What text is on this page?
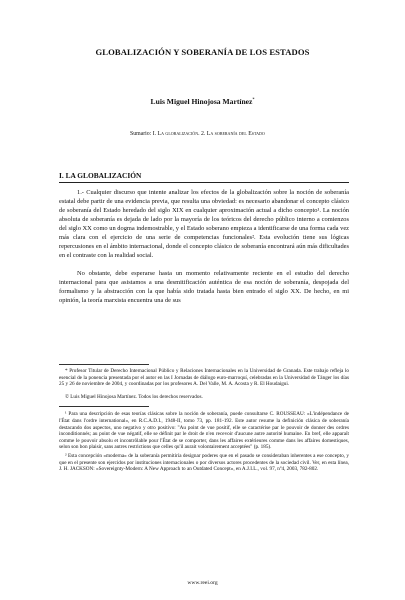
GLOBALIZACIÓN Y SOBERANÍA DE LOS ESTADOS
Luis Miguel Hinojosa Martínez*
Sumario: I. La globalización. 2. La soberanía del Estado
I. LA GLOBALIZACIÓN

1.- Cualquier discurso que intente analizar los efectos de la globalización sobre la noción de soberanía estatal debe partir de una evidencia previa, que resulta una obviedad: es necesario abandonar el concepto clásico de soberanía del Estado heredado del siglo XIX en cualquier aproximación actual a dicho concepto¹. La noción absoluta de soberanía es dejada de lado por la mayoría de los teóricos del derecho público interno a comienzos del siglo XX como un dogma indemostrable, y el Estado soberano empieza a identificarse de una forma cada vez más clara con el ejercicio de una serie de competencias funcionales². Esta evolución tiene sus lógicas repercusiones en el ámbito internacional, donde el concepto clásico de soberanía encontrará aún más dificultades en el contraste con la realidad social.

No obstante, debe esperarse hasta un momento relativamente reciente en el estudio del derecho internacional para que asistamos a una desmitificación auténtica de esa noción de soberanía, despojada del formalismo y la abstracción con la que había sido tratada hasta bien entrado el siglo XX. De hecho, en mi opinión, la teoría marxista encuentra una de sus

* Profesor Titular de Derecho Internacional Público y Relaciones Internacionales en la Universidad de Granada. Este trabajo refleja lo esencial de la ponencia presentada por el autor en las I Jornadas de diálogo euro-marroquí, celebradas en la Universidad de Tánger los días 25 y 26 de noviembre de 2004, y coordinadas por los profesores A. Del Valle, M. A. Acosta y R. El Houdaigui.

© Luis Miguel Hinojosa Martínez. Todos los derechos reservados.

¹ Para una descripción de esas teorías clásicas sobre la noción de soberanía, puede consultarse C. ROUSSEAU: «L'indépendance de l'État dans l'ordre international», en R.C.A.D.I., 1948-II, tomo 73, pp. 181-192. Este autor resume la definición clásica de soberanía destacando dos aspectos, uno negativo y otro positivo: "Au point de vue positif, elle se caractérise par le pouvoir de donner des ordres inconditionnés; au point de vue négatif, elle se définit par le droit de n'en recevoir d'aucune autre autorité humaine. En bref, elle apparaît comme le pouvoir absolu et incontrôlable pour l'État de se comporter, dans les affaires extérieures comme dans les affaires domestiques, selon son bon plaisir, sans autres restrictions que celles qu'il aurait volontairement acceptées" (p. 185).

² Esta concepción «moderna» de la soberanía permitiría designar poderes que en el pasado se consideraban inherentes a ese concepto, y que en el presente son ejercidos por instituciones internacionales o por diversos actores procedentes de la sociedad civil. Ver, en esta línea, J. H. JACKSON: «Sovereignty-Modern: A New Approach to an Outdated Concept», en A.J.I.L., vol. 97, nº4, 2003, 782-802.

www.reei.org
